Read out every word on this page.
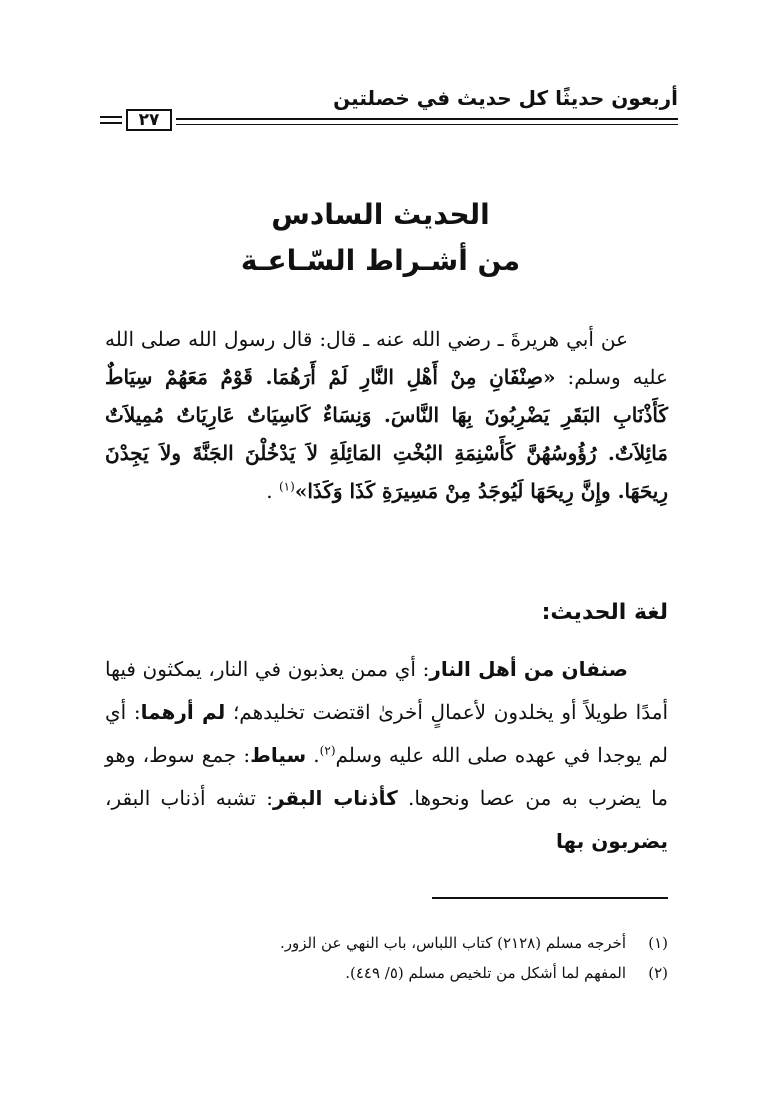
أربعون حديثًا كل حديث في خصلتين
٢٧
الحديث السادس
من أشـراط السّـاعـة

عن أبي هريرةَ ـ رضي الله عنه ـ قال: قال رسول الله صلى الله عليه وسلم: «صِنْفَانِ مِنْ أَهْلِ النَّارِ لَمْ أَرَهُمَا. قَوْمٌ مَعَهُمْ سِيَاطٌ كَأَذْنَابِ البَقَرِ يَضْرِبُونَ بِهَا النَّاسَ. وَنِسَاءٌ كَاسِيَاتٌ عَارِيَاتٌ مُمِيلاَتٌ مَائِلاَتٌ. رُؤُوسُهُنَّ كَأَسْنِمَةِ البُخْتِ المَائِلَةِ لاَ يَدْخُلْنَ الجَنَّةَ ولاَ يَجِدْنَ رِيحَهَا. وإِنَّ رِيحَهَا لَيُوجَدُ مِنْ مَسِيرَةِ كَذَا وَكَذَا»$^{(١)}$ .

لغة الحديث:

صنفان من أهل النار: أي ممن يعذبون في النار، يمكثون فيها أمدًا طويلاً أو يخلدون لأعمالٍ أخرىٰ اقتضت تخليدهم؛ لم أرهما: أي لم يوجدا في عهده صلى الله عليه وسلم$^{(٢)}$. سياط: جمع سوط، وهو ما يضرب به من عصا ونحوها. كأذناب البقر: تشبه أذناب البقر، يضربون بها

(١)أخرجه مسلم (٢١٢٨) كتاب اللباس، باب النهي عن الزور.
(٢)المفهم لما أشكل من تلخيص مسلم (٥/ ٤٤٩).
